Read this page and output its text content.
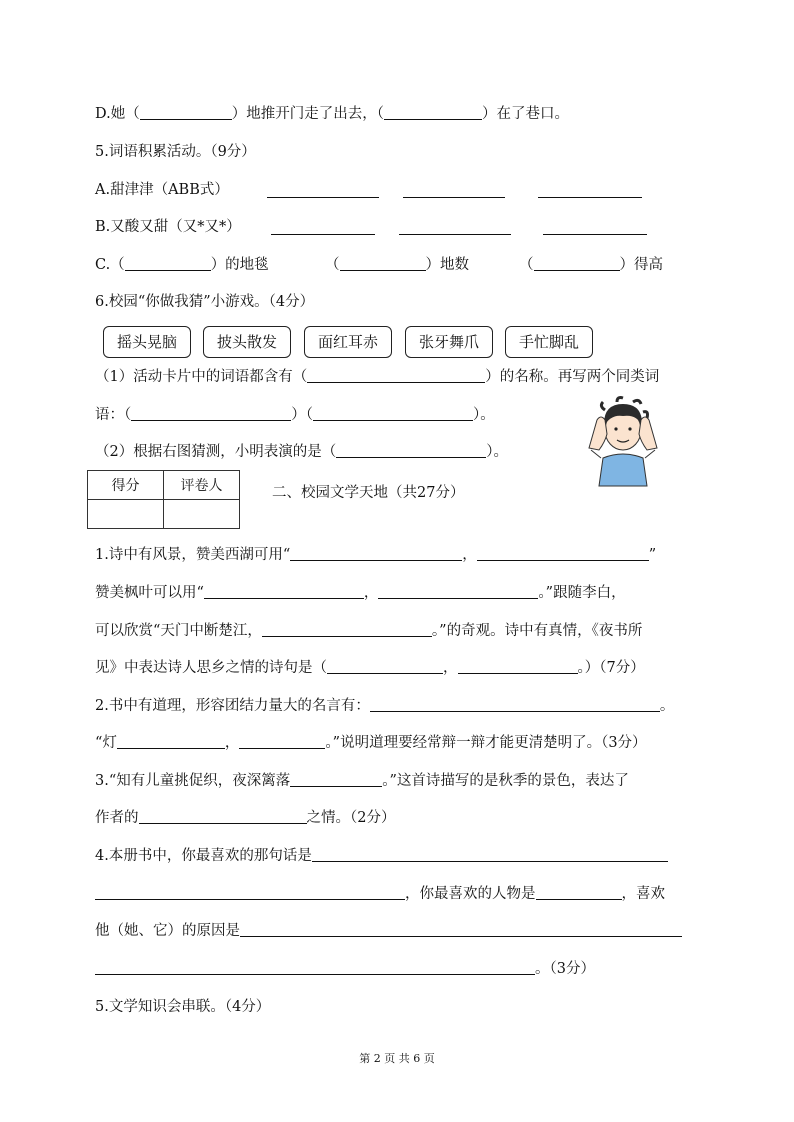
D.她（	）地推开门走了出去，（	）在了巷口。
5.词语积累活动。（9分）
A.甜津津（ABB式）
B.又酸又甜（又*又*）
C.（	）的地毯	（	）地数	（	）得高
6.校园“你做我猜”小游戏。（4分）
摇头晃脑	披头散发	面红耳赤	张牙舞爪	手忙脚乱
（1）活动卡片中的词语都含有（	）的名称。再写两个同类词
语：（	）（	）。
（2）根据右图猜测，小明表演的是（	）。
得分	评卷人
		二、校园文学天地（共27分）
1.诗中有风景，赞美西湖可用“	，	”
赞美枫叶可以用“	，	。”跟随李白，
可以欣赏“天门中断楚江，	。”的奇观。诗中有真情，《夜书所
见》中表达诗人思乡之情的诗句是（	，	。）（7分）
2.书中有道理，形容团结力量大的名言有：	。
“灯	，	。”说明道理要经常辩一辩才能更清楚明了。（3分）
3.“知有儿童挑促织，夜深篱落	。”这首诗描写的是秋季的景色，表达了
作者的	之情。（2分）
4.本册书中，你最喜欢的那句话是
，你最喜欢的人物是	，喜欢
他（她、它）的原因是
。（3分）
5.文学知识会串联。（4分）
第 2 页 共 6 页
